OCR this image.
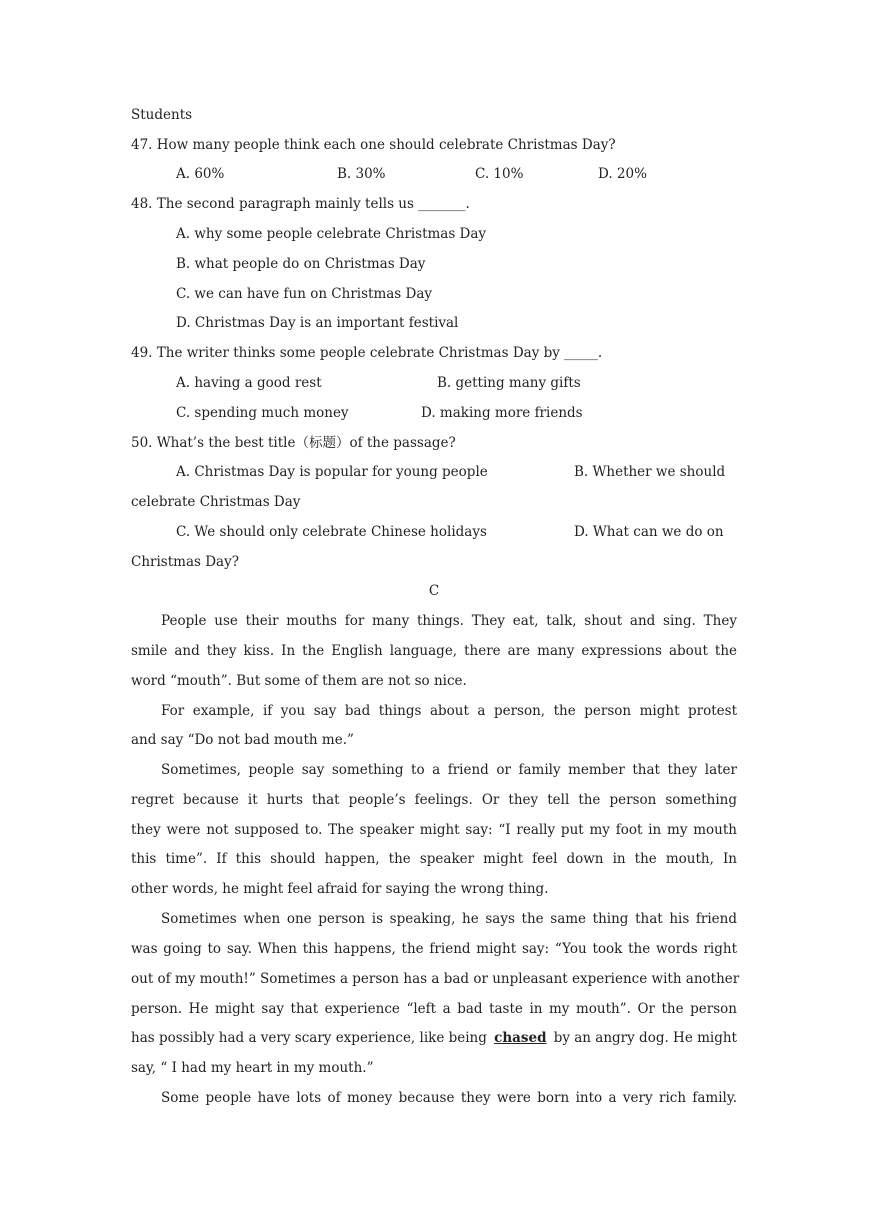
Students
47. How many people think each one should celebrate Christmas Day?
A. 60%	B. 30%	C. 10%	D. 20%
48. The second paragraph mainly tells us _______.
A. why some people celebrate Christmas Day
B. what people do on Christmas Day
C. we can have fun on Christmas Day
D. Christmas Day is an important festival
49. The writer thinks some people celebrate Christmas Day by _____.
A. having a good rest	B. getting many gifts
C. spending much money	D. making more friends
50. What’s the best title（标题）of the passage?
A. Christmas Day is popular for young people	B. Whether we should
celebrate Christmas Day
C. We should only celebrate Chinese holidays	D. What can we do on
Christmas Day?
C
People use their mouths for many things. They eat, talk, shout and sing. They
smile and they kiss. In the English language, there are many expressions about the
word “mouth”. But some of them are not so nice.
For example, if you say bad things about a person, the person might protest
and say “Do not bad mouth me.”
Sometimes, people say something to a friend or family member that they later
regret because it hurts that people’s feelings. Or they tell the person something
they were not supposed to. The speaker might say: “I really put my foot in my mouth
this time”. If this should happen, the speaker might feel down in the mouth, In
other words, he might feel afraid for saying the wrong thing.
Sometimes when one person is speaking, he says the same thing that his friend
was going to say. When this happens, the friend might say: “You took the words right
out of my mouth!” Sometimes a person has a bad or unpleasant experience with another
person. He might say that experience “left a bad taste in my mouth”. Or the person
has possibly had a very scary experience, like being chased by an angry dog. He might
say, “ I had my heart in my mouth.”
Some people have lots of money because they were born into a very rich family.
